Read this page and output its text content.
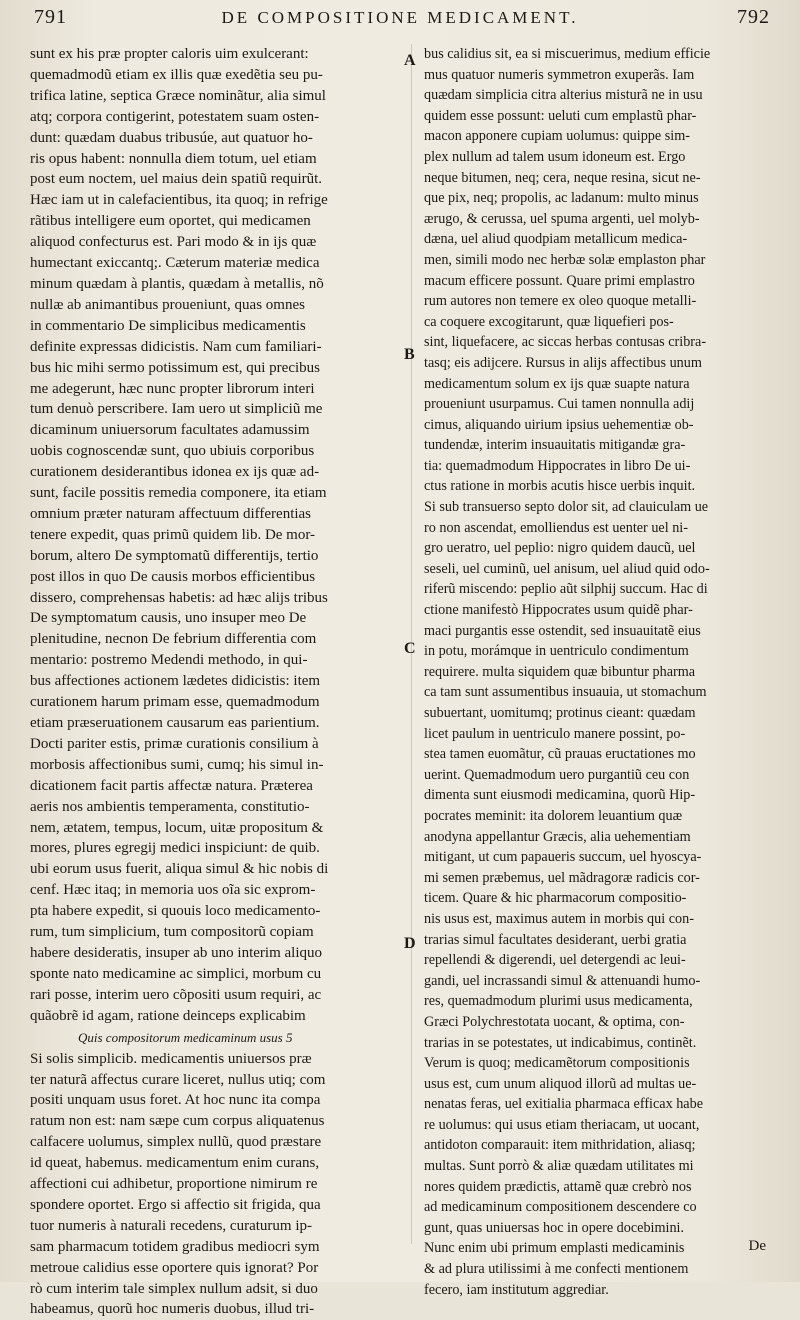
791	DE COMPOSITIONE MEDICAMENT.	792
A
B
C
D
sunt ex his præ propter caloris uim exulcerant:
quemadmodũ etiam ex illis quæ exedẽtia seu pu-
trifica latine, septica Græce nominãtur, alia simul
atq; corpora contigerint, potestatem suam osten-
dunt: quædam duabus tribusúe, aut quatuor ho-
ris opus habent: nonnulla diem totum, uel etiam
post eum noctem, uel maius dein spatiũ requirũt.
Hæc iam ut in calefacientibus, ita quoq; in refrige
rãtibus intelligere eum oportet, qui medicamen
aliquod confecturus est. Pari modo & in ijs quæ
humectant exiccantq;. Cæterum materiæ medica
minum quædam à plantis, quædam à metallis, nõ
nullæ ab animantibus proueniunt, quas omnes
in commentario De simplicibus medicamentis
definite expressas didicistis. Nam cum familiari-
bus hic mihi sermo potissimum est, qui precibus
me adegerunt, hæc nunc propter librorum interi
tum denuò perscribere. Iam uero ut simpliciũ me
dicaminum uniuersorum facultates adamussim
uobis cognoscendæ sunt, quo ubiuis corporibus
curationem desiderantibus idonea ex ijs quæ ad-
sunt, facile possitis remedia componere, ita etiam
omnium præter naturam affectuum differentias
tenere expedit, quas primũ quidem lib. De mor-
borum, altero De symptomatũ differentijs, tertio
post illos in quo De causis morbos efficientibus
dissero, comprehensas habetis: ad hæc alijs tribus
De symptomatum causis, uno insuper meo De
plenitudine, necnon De febrium differentia com
mentario: postremo Medendi methodo, in qui-
bus affectiones actionem lædetes didicistis: item
curationem harum primam esse, quemadmodum
etiam præseruationem causarum eas parientium.
Docti pariter estis, primæ curationis consilium à
morbosis affectionibus sumi, cumq; his simul in-
dicationem facit partis affectæ natura. Præterea
aeris nos ambientis temperamenta, constitutio-
nem, ætatem, tempus, locum, uitæ propositum &
mores, plures egregij medici inspiciunt: de quib.
ubi eorum usus fuerit, aliqua simul & hic nobis di
cenf. Hæc itaq; in memoria uos oĩa sic exprom-
pta habere expedit, si quouis loco medicamento-
rum, tum simplicium, tum compositorũ copiam
habere desideratis, insuper ab uno interim aliquo
sponte nato medicamine ac simplici, morbum cu
rari posse, interim uero cõpositi usum requiri, ac
quãobrẽ id agam, ratione deinceps explicabim
Quis compositorum medicaminum usus 5
Si solis simplicib. medicamentis uniuersos præ
ter naturã affectus curare liceret, nullus utiq; com
positi unquam usus foret. At hoc nunc ita compa
ratum non est: nam sæpe cum corpus aliquatenus
calfacere uolumus, simplex nullũ, quod præstare
id queat, habemus. medicamentum enim curans,
affectioni cui adhibetur, proportione nimirum re
spondere oportet. Ergo si affectio sit frigida, qua
tuor numeris à naturali recedens, curaturum ip-
sam pharmacum totidem gradibus mediocri sym
metroue calidius esse oportere quis ignorat? Por
rò cum interim tale simplex nullum adsit, si duo
habeamus, quorũ hoc numeris duobus, illud tri-
bus calidius sit, ea si miscuerimus, medium efficie
mus quatuor numeris symmetron exuperãs. Iam
quædam simplicia citra alterius misturã ne in usu
quidem esse possunt: ueluti cum emplastũ phar-
macon apponere cupiam uolumus: quippe sim-
plex nullum ad talem usum idoneum est. Ergo
neque bitumen, neq; cera, neque resina, sicut ne-
que pix, neq; propolis, ac ladanum: multo minus
ærugo, & cerussa, uel spuma argenti, uel molyb-
dæna, uel aliud quodpiam metallicum medica-
men, simili modo nec herbæ solæ emplaston phar
macum efficere possunt. Quare primi emplastro
rum autores non temere ex oleo quoque metalli-
ca coquere excogitarunt, quæ liquefieri pos-
sint, liquefacere, ac siccas herbas contusas cribra-
tasq; eis adijcere. Rursus in alijs affectibus unum
medicamentum solum ex ijs quæ suapte natura
proueniunt usurpamus. Cui tamen nonnulla adij
cimus, aliquando uirium ipsius uehementiæ ob-
tundendæ, interim insuauitatis mitigandæ gra-
tia: quemadmodum Hippocrates in libro De ui-
ctus ratione in morbis acutis hisce uerbis inquit.
Si sub transuerso septo dolor sit, ad clauiculam ue
ro non ascendat, emolliendus est uenter uel ni-
gro ueratro, uel peplio: nigro quidem daucũ, uel
seseli, uel cuminũ, uel anisum, uel aliud quid odo-
riferũ miscendo: peplio aũt silphij succum. Hac di
ctione manifestò Hippocrates usum quidẽ phar-
maci purgantis esse ostendit, sed insuauitatẽ eius
in potu, morámque in uentriculo condimentum
requirere. multa siquidem quæ bibuntur pharma
ca tam sunt assumentibus insuauia, ut stomachum
subuertant, uomitumq; protinus cieant: quædam
licet paulum in uentriculo manere possint, po-
stea tamen euomãtur, cũ prauas eructationes mo
uerint. Quemadmodum uero purgantiũ ceu con
dimenta sunt eiusmodi medicamina, quorũ Hip-
pocrates meminit: ita dolorem leuantium quæ
anodyna appellantur Græcis, alia uehementiam
mitigant, ut cum papaueris succum, uel hyoscya-
mi semen præbemus, uel mãdragoræ radicis cor-
ticem. Quare & hic pharmacorum compositio-
nis usus est, maximus autem in morbis qui con-
trarias simul facultates desiderant, uerbi gratia
repellendi & digerendi, uel detergendi ac leui-
gandi, uel incrassandi simul & attenuandi humo-
res, quemadmodum plurimi usus medicamenta,
Græci Polychrestotata uocant, & optima, con-
trarias in se potestates, ut indicabimus, continẽt.
Verum is quoq; medicamẽtorum compositionis
usus est, cum unum aliquod illorũ ad multas ue-
nenatas feras, uel exitialia pharmaca efficax habe
re uolumus: qui usus etiam theriacam, ut uocant,
antidoton comparauit: item mithridation, aliasq;
multas. Sunt porrò & aliæ quædam utilitates mi
nores quidem prædictis, attamẽ quæ crebrò nos
ad medicaminum compositionem descendere co
gunt, quas uniuersas hoc in opere docebimini.
Nunc enim ubi primum emplasti medicaminis
& ad plura utilissimi à me confecti mentionem
fecero, iam institutum aggrediar.
De
